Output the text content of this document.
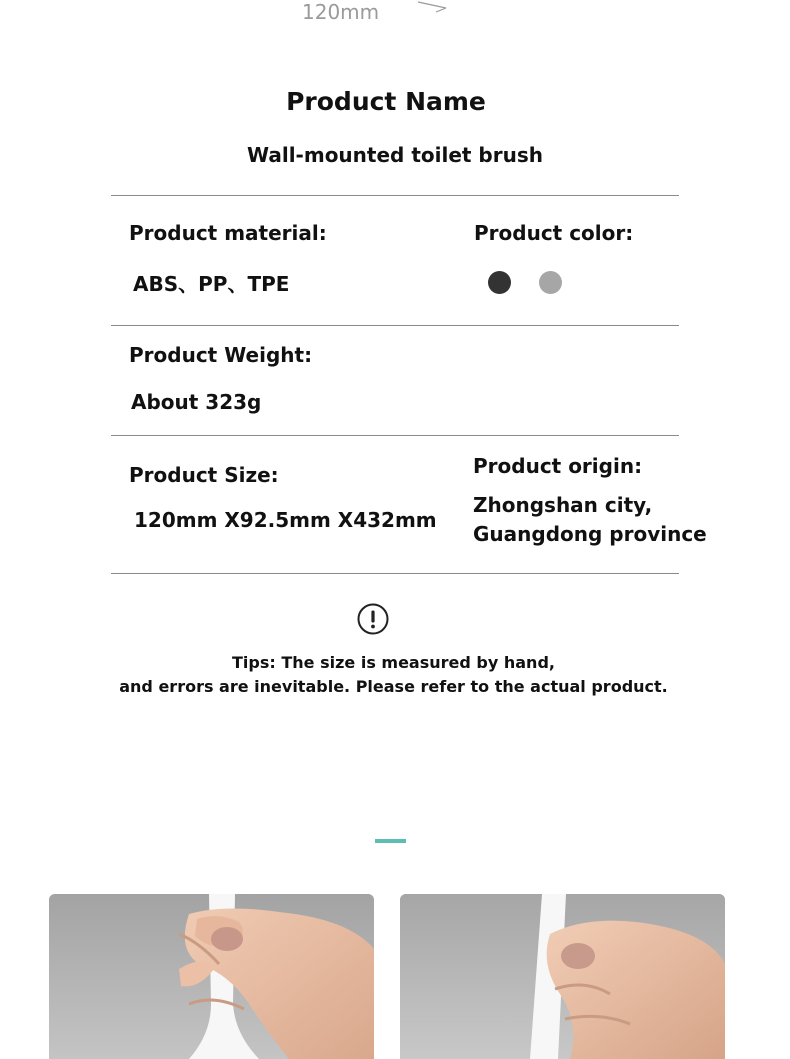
120mm
Product Name
Wall-mounted toilet brush
Product material:
ABS、PP、TPE
Product color:
Product Weight:
About 323g
Product Size:
120mm X92.5mm X432mm
Product origin:
Zhongshan city,
Guangdong province
Tips: The size is measured by hand,
and errors are inevitable. Please refer to the actual product.
